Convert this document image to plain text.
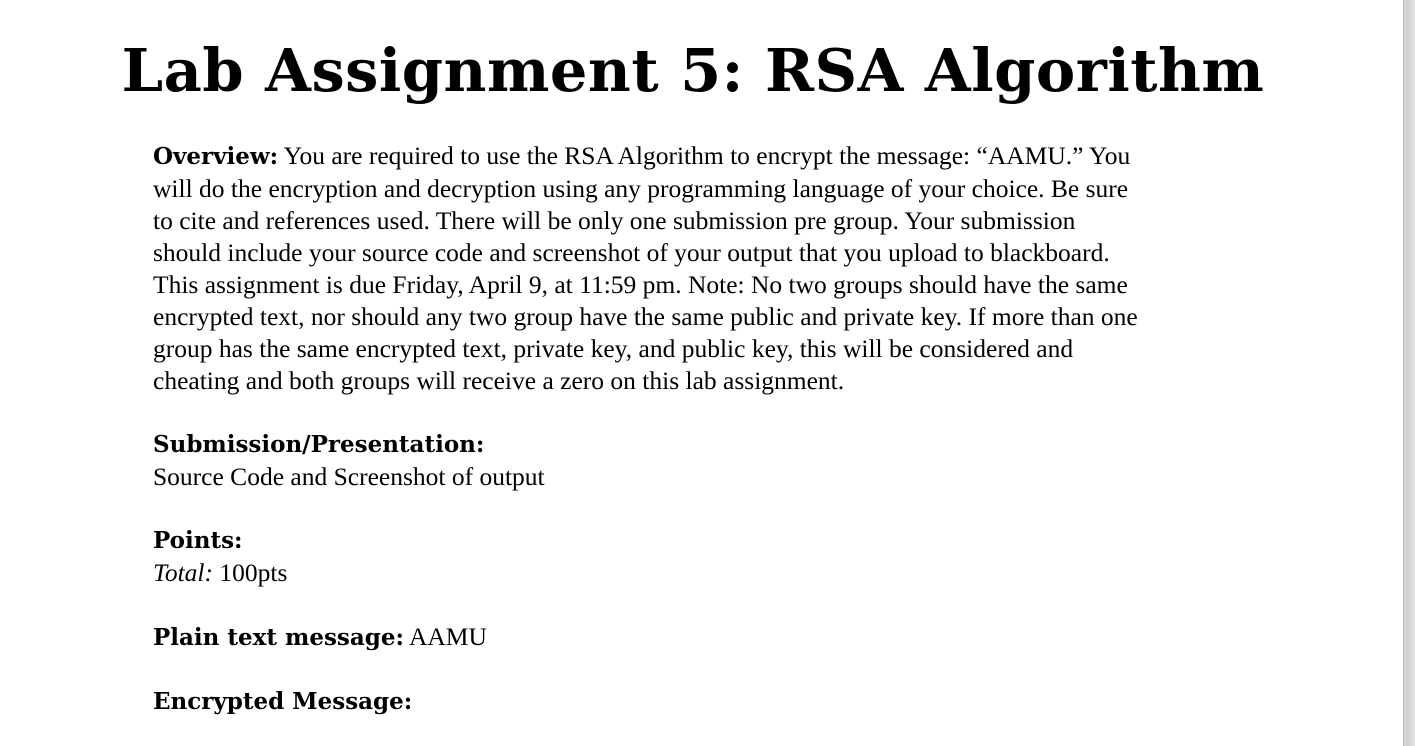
Lab Assignment 5: RSA Algorithm
Overview: You are required to use the RSA Algorithm to encrypt the message: “AAMU.” You
will do the encryption and decryption using any programming language of your choice. Be sure
to cite and references used. There will be only one submission pre group. Your submission
should include your source code and screenshot of your output that you upload to blackboard.
This assignment is due Friday, April 9, at 11:59 pm. Note: No two groups should have the same
encrypted text, nor should any two group have the same public and private key. If more than one
group has the same encrypted text, private key, and public key, this will be considered and
cheating and both groups will receive a zero on this lab assignment.
Submission/Presentation:
Source Code and Screenshot of output
Points:
Total: 100pts
Plain text message: AAMU
Encrypted Message:
